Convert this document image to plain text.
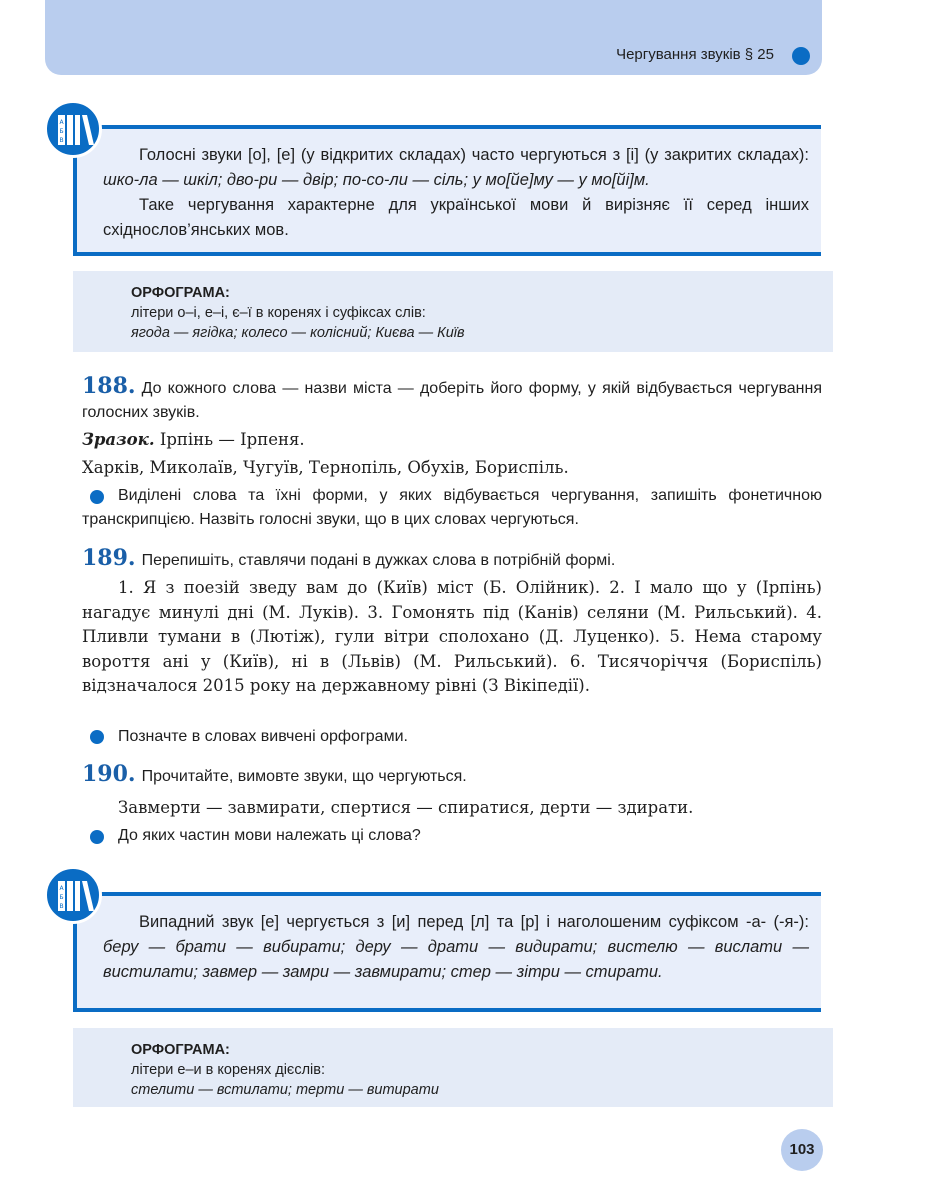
Чергування звуків § 25

Голосні звуки [о], [е] (у відкритих складах) часто чергуються з [і] (у закритих складах): шко-ла — шкіл; дво-ри — двір; по-со-ли — сіль; у мо[йе]му — у мо[йі]м.

Таке чергування характерне для української мови й вирізняє її серед інших східнослов’янських мов.

А
Б
В
ОРФОГРАМА:
літери о–і, е–і, є–ї в коренях і суфіксах слів:
ягода — ягідка; колесо — колісний; Києва — Київ
188. До кожного слова — назви міста — доберіть його форму, у якій відбувається чергування голосних звуків.
Зразок. Ірпінь — Ірпеня.
Харків, Миколаїв, Чугуїв, Тернопіль, Обухів, Бориспіль.
Виділені слова та їхні форми, у яких відбувається чергування, запишіть фонетичною транскрипцією. Назвіть голосні звуки, що в цих словах чергуються.
189. Перепишіть, ставлячи подані в дужках слова в потрібній формі.
1. Я з поезій зведу вам до (Київ) міст (Б. Олійник). 2. І мало що у (Ірпінь) нагадує минулі дні (М. Луків). 3. Гомонять під (Канів) селяни (М. Рильський). 4. Пливли тумани в (Лютіж), гули вітри сполохано (Д. Луценко). 5. Нема старому вороття ані у (Київ), ні в (Львів) (М. Рильський). 6. Тисячоріччя (Бориспіль) відзначалося 2015 року на державному рівні (З Вікіпедії).
Позначте в словах вивчені орфограми.
190. Прочитайте, вимовте звуки, що чергуються.
Завмерти — завмирати, спертися — спиратися, дерти — здирати.
До яких частин мови належать ці слова?

Випадний звук [е] чергується з [и] перед [л] та [р] і наголошеним суфіксом -а- (-я-): беру — брати — вибирати; деру — драти — видирати; вистелю — вислати — вистилати; завмер — замри — завмирати; стер — зітри — стирати.

А
Б
В
ОРФОГРАМА:
літери е–и в коренях дієслів:
стелити — встилати; терти — витирати
103
